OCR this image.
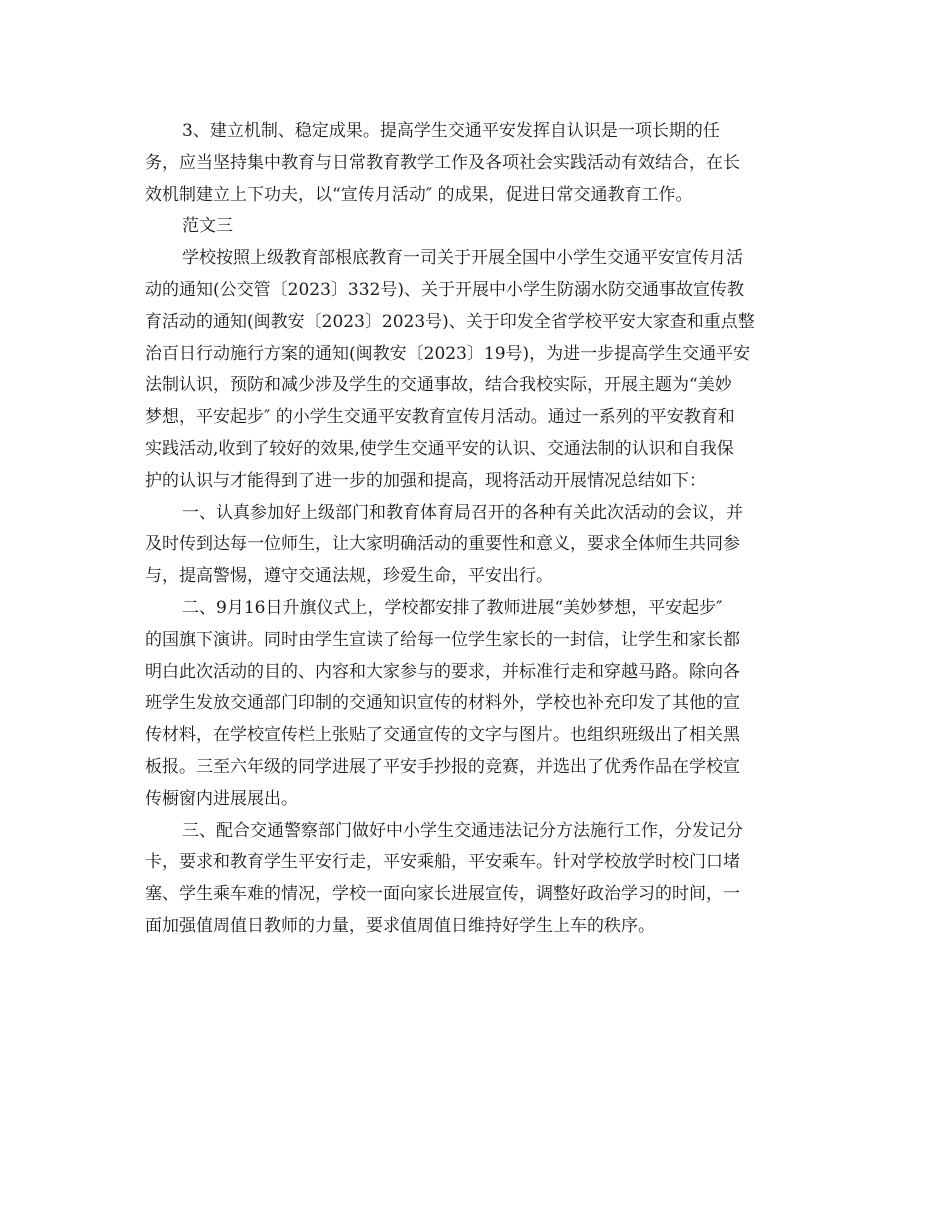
3、建立机制、稳定成果。提高学生交通平安发挥自认识是一项长期的任
务，应当坚持集中教育与日常教育教学工作及各项社会实践活动有效结合，在长
效机制建立上下功夫，以“宣传月活动″ 的成果，促进日常交通教育工作。
范文三
学校按照上级教育部根底教育一司关于开展全国中小学生交通平安宣传月活
动的通知(公交管〔2023〕332号)、关于开展中小学生防溺水防交通事故宣传教
育活动的通知(闽教安〔2023〕2023号)、关于印发全省学校平安大家查和重点整
治百日行动施行方案的通知(闽教安〔2023〕19号)，为进一步提高学生交通平安
法制认识，预防和减少涉及学生的交通事故，结合我校实际，开展主题为“美妙
梦想，平安起步″ 的小学生交通平安教育宣传月活动。通过一系列的平安教育和
实践活动,收到了较好的效果,使学生交通平安的认识、交通法制的认识和自我保
护的认识与才能得到了进一步的加强和提高，现将活动开展情况总结如下：
一、认真参加好上级部门和教育体育局召开的各种有关此次活动的会议，并
及时传到达每一位师生，让大家明确活动的重要性和意义，要求全体师生共同参
与，提高警惕，遵守交通法规，珍爱生命，平安出行。
二、9月16日升旗仪式上，学校都安排了教师进展“美妙梦想，平安起步″
的国旗下演讲。同时由学生宣读了给每一位学生家长的一封信，让学生和家长都
明白此次活动的目的、内容和大家参与的要求，并标准行走和穿越马路。除向各
班学生发放交通部门印制的交通知识宣传的材料外，学校也补充印发了其他的宣
传材料，在学校宣传栏上张贴了交通宣传的文字与图片。也组织班级出了相关黑
板报。三至六年级的同学进展了平安手抄报的竞赛，并选出了优秀作品在学校宣
传橱窗内进展展出。
三、配合交通警察部门做好中小学生交通违法记分方法施行工作，分发记分
卡，要求和教育学生平安行走，平安乘船，平安乘车。针对学校放学时校门口堵
塞、学生乘车难的情况，学校一面向家长进展宣传，调整好政治学习的时间，一
面加强值周值日教师的力量，要求值周值日维持好学生上车的秩序。
